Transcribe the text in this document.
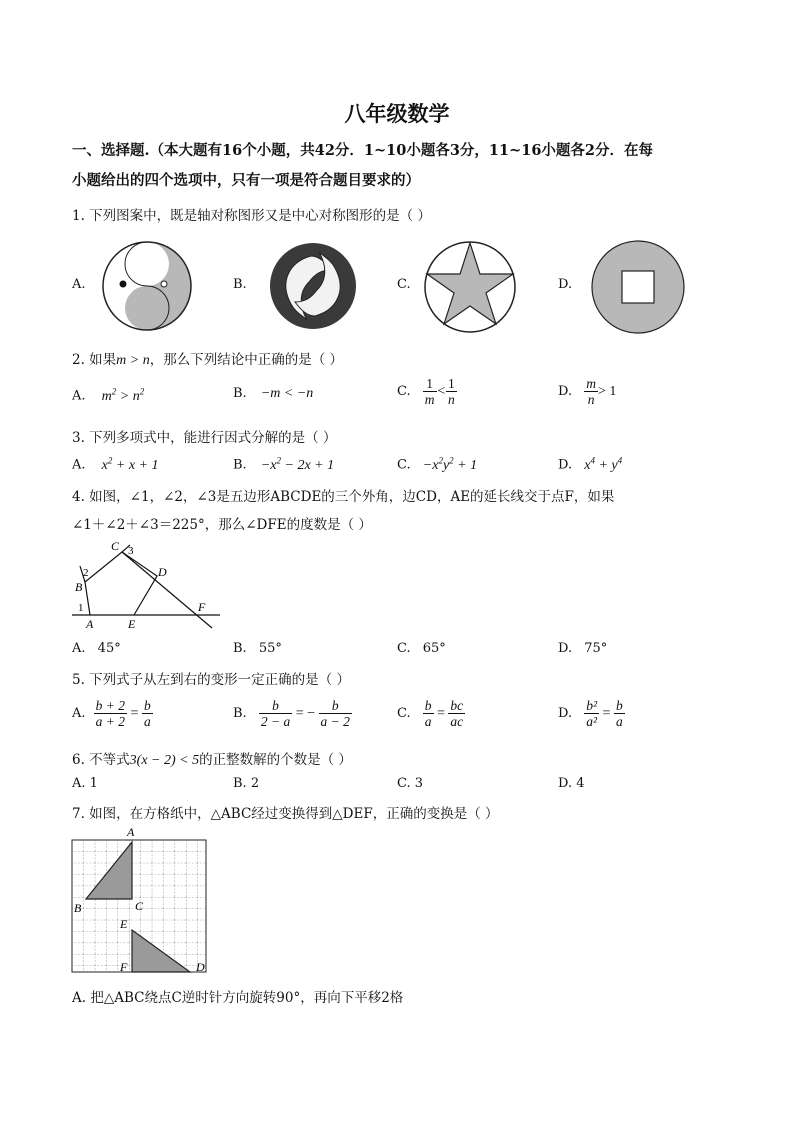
八年级数学
一、选择题.（本大题有16个小题，共42分．1~10小题各3分，11~16小题各2分．在每
小题给出的四个选项中，只有一项是符合题目要求的）
1. 下列图案中，既是轴对称图形又是中心对称图形的是（ ）
A.	B.	C.	D.
2. 如果m > n，那么下列结论中正确的是（ ）
A. $m^2 > n^2$	B. −m < −n	C. $\frac{1}{m} < \frac{1}{n}$	D. $\frac{m}{n} > 1$
3. 下列多项式中，能进行因式分解的是（ ）
A. $x^2 + x + 1$	B. $-x^2 - 2x + 1$	C. $-x^2y^2 + 1$	D. $x^4 + y^4$
4. 如图，∠1，∠2，∠3是五边形ABCDE的三个外角，边CD，AE的延长线交于点F，如果
∠1＋∠2＋∠3＝225°，那么∠DFE的度数是（ ）
A
B
C
D
E
F
1
2
3
A. 45°	B. 55°	C. 65°	D. 75°
5. 下列式子从左到右的变形一定正确的是（ ）
A. $\frac{b + 2}{a + 2} = \frac{b}{a}$	B. $\frac{b}{2 - a}$ = − $\frac{b}{a - 2}$	C. $\frac{b}{a} = \frac{bc}{ac}$	D. $\frac{\text{b²}}{\text{a²}} = \frac{b}{a}$
6. 不等式3(x − 2) < 5的正整数解的个数是（ ）
A. 1	B. 2	C. 3	D. 4
7. 如图，在方格纸中，△ABC经过变换得到△DEF，正确的变换是（ ）
A
B	C
D
E
F
A. 把△ABC绕点C逆时针方向旋转90°，再向下平移2格
